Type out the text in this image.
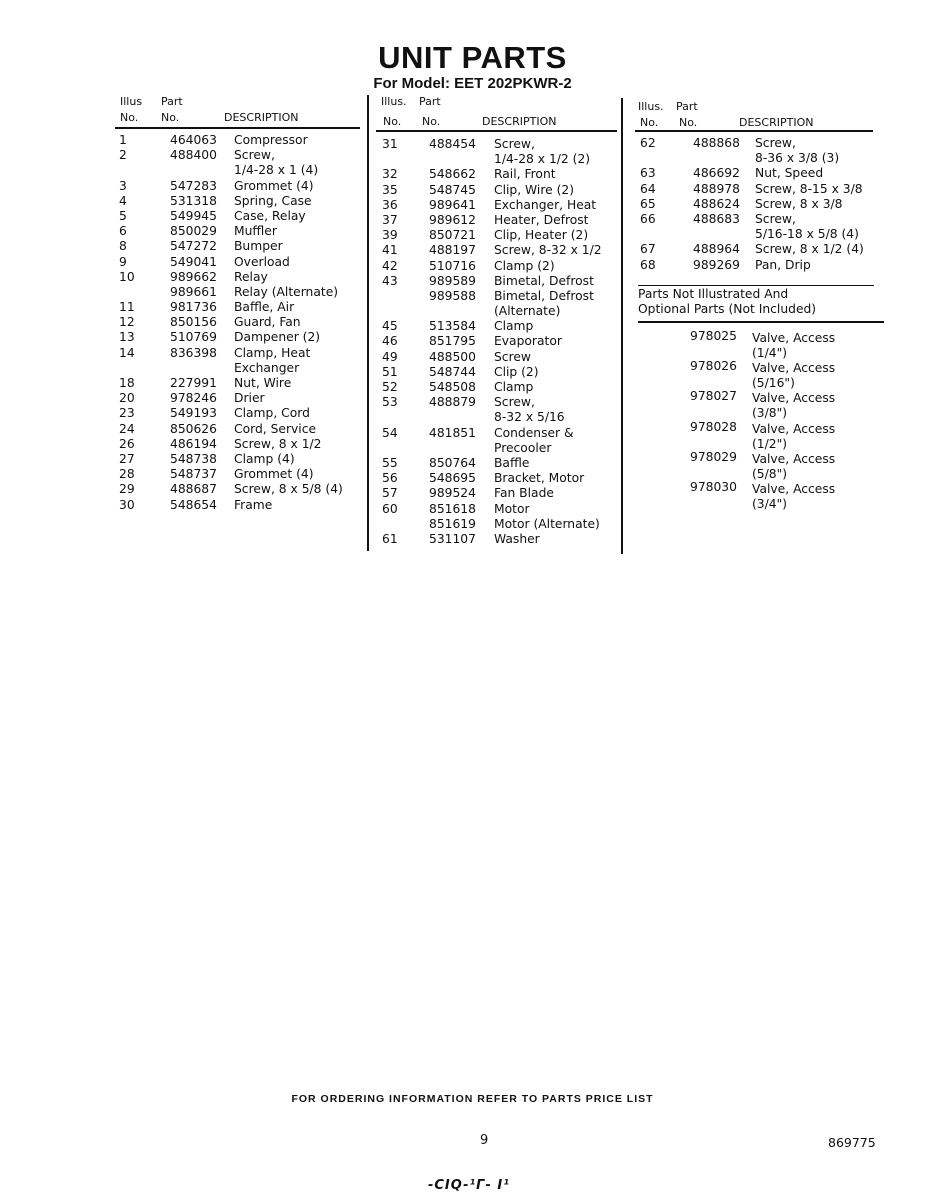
UNIT PARTS
For Model: EET 202PKWR-2
Illus Part
No. No.	DESCRIPTION
1	464063 Compressor
2	488400 Screw,
1/4-28 x 1 (4)
3	547283 Grommet (4)
4	531318 Spring, Case
5	549945 Case, Relay
6	850029 Muffler
8	547272 Bumper
9	549041 Overload
10	989662 Relay
989661 Relay (Alternate)
11	981736 Baffle, Air
12	850156 Guard, Fan
13	510769 Dampener (2)
14	836398 Clamp, Heat
Exchanger
18	227991 Nut, Wire
20	978246 Drier
23	549193 Clamp, Cord
24	850626 Cord, Service
26	486194 Screw, 8 x 1/2
27	548738 Clamp (4)
28	548737 Grommet (4)
29	488687 Screw, 8 x 5/8 (4)
30	548654 Frame
Illus. Part
No. No.	DESCRIPTION
31	488454 Screw,
1/4-28 x 1/2 (2)
32	548662 Rail, Front
35	548745 Clip, Wire (2)
36	989641 Exchanger, Heat
37	989612 Heater, Defrost
39	850721 Clip, Heater (2)
41	488197 Screw, 8-32 x 1/2
42	510716 Clamp (2)
43	989589 Bimetal, Defrost
989588 Bimetal, Defrost
(Alternate)
45	513584 Clamp
46	851795 Evaporator
49	488500 Screw
51	548744 Clip (2)
52	548508 Clamp
53	488879 Screw,
8-32 x 5/16
54	481851 Condenser &
Precooler
55	850764 Baffle
56	548695 Bracket, Motor
57	989524 Fan Blade
60	851618 Motor
851619 Motor (Alternate)
61	531107 Washer
Illus. Part
No. No.	DESCRIPTION
62	488868 Screw,
8-36 x 3/8 (3)
63	486692 Nut, Speed
64	488978 Screw, 8-15 x 3/8
65	488624 Screw, 8 x 3/8
66	488683 Screw,
5/16-18 x 5/8 (4)
67	488964 Screw, 8 x 1/2 (4)
68	989269 Pan, Drip
Parts Not Illustrated And
Optional Parts (Not Included)
978025 Valve, Access
(1/4")
978026 Valve, Access
(5/16")
978027 Valve, Access
(3/8")
978028 Valve, Access
(1/2")
978029 Valve, Access
(5/8")
978030 Valve, Access
(3/4")
FOR ORDERING INFORMATION REFER TO PARTS PRICE LIST
9	869775
-CIQ-¹Г- I¹
